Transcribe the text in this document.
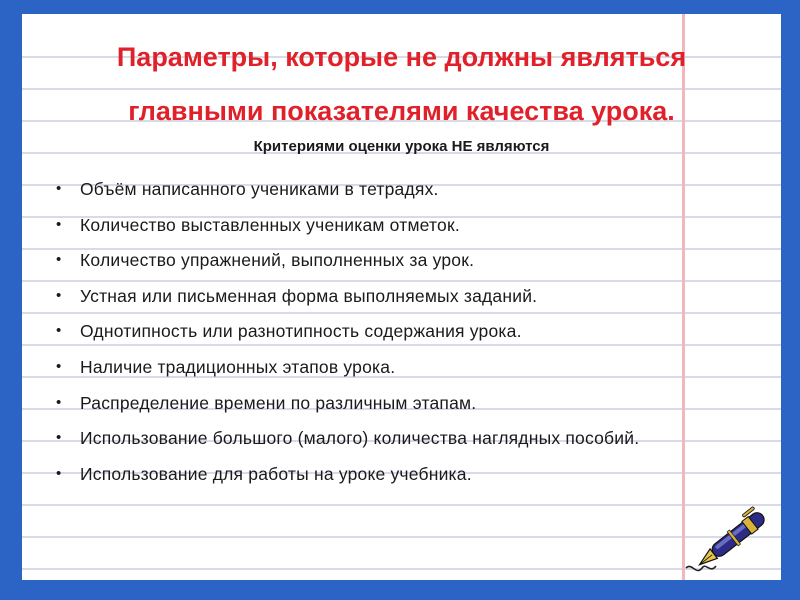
Параметры, которые не должны являться
главными показателями качества урока.
Критериями оценки урока НЕ являются
• Объём написанного учениками в тетрадях.
• Количество выставленных ученикам отметок.
• Количество упражнений, выполненных за урок.
• Устная или письменная форма выполняемых заданий.
• Однотипность или разнотипность содержания урока.
• Наличие традиционных этапов урока.
• Распределение времени по различным этапам.
• Использование большого (малого) количества наглядных пособий.
• Использование для работы на уроке учебника.
